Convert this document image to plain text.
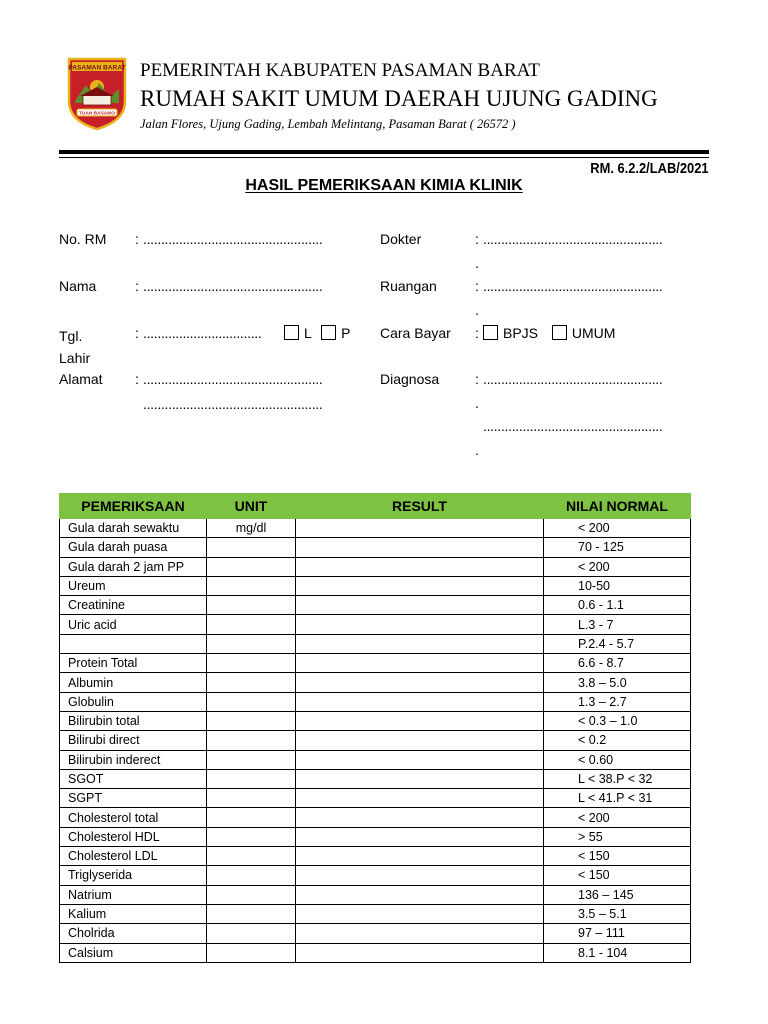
PASAMAN BARAT
TUAH BASAMO
PEMERINTAH KABUPATEN PASAMAN BARAT
RUMAH SAKIT UMUM DAERAH UJUNG GADING
Jalan Flores, Ujung Gading, Lembah Melintang, Pasaman Barat ( 26572 )
RM. 6.2.2/LAB/2021
HASIL PEMERIKSAAN KIMIA KLINIK
No. RM : ..................................................
Nama	: ..................................................
Tgl. Lahir
: .................................	L P
Alamat : ..................................................
..................................................
Dokter	: ..................................................
.
Ruangan	: ..................................................
.
Cara Bayar :	BPJS UMUM
Diagnosa	: ..................................................
.
..................................................
.
PEMERIKSAAN	UNIT	RESULT	NILAI NORMAL
Gula darah sewaktu	mg/dl		< 200
Gula darah puasa			70 - 125
Gula darah 2 jam PP			< 200
Ureum			10-50
Creatinine			0.6 - 1.1
Uric acid			L.3 - 7
			P.2.4 - 5.7
Protein Total			6.6 - 8.7
Albumin			3.8 – 5.0
Globulin			1.3 – 2.7
Bilirubin total			< 0.3 – 1.0
Bilirubi direct			< 0.2
Bilirubin inderect			< 0.60
SGOT			L < 38.P < 32
SGPT			L < 41.P < 31
Cholesterol total			< 200
Cholesterol HDL			> 55
Cholesterol LDL			< 150
Triglyserida			< 150
Natrium			136 – 145
Kalium			3.5 – 5.1
Cholrida			97 – 111
Calsium			8.1 - 104
